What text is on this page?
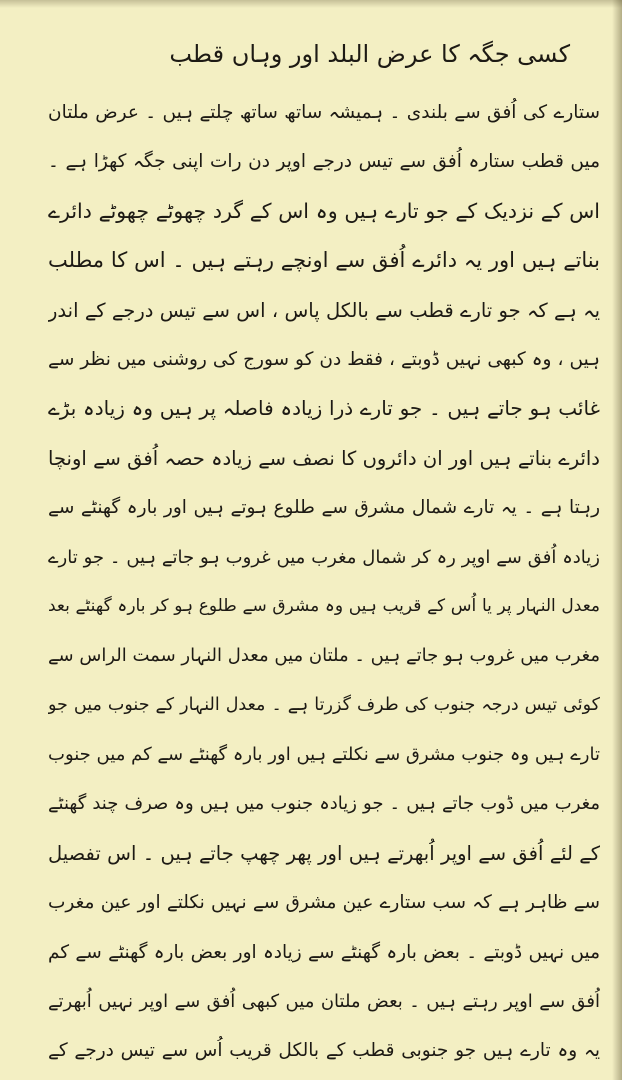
کسی جگہ کا عرض البلد اور وہاں قطب
ستارے کی اُفق سے بلندی ۔ ہمیشہ ساتھ ساتھ چلتے ہیں ۔ عرض ملتان
میں قطب ستارہ اُفق سے تیس درجے اوپر دن رات اپنی جگہ کھڑا ہے ۔
اس کے نزدیک کے جو تارے ہیں وہ اس کے گرد چھوٹے چھوٹے دائرے
بناتے ہیں اور یہ دائرے اُفق سے اونچے رہتے ہیں ۔ اس کا مطلب
یہ ہے کہ جو تارے قطب سے بالکل پاس ، اس سے تیس درجے کے اندر
ہیں ، وہ کبھی نہیں ڈوبتے ، فقط دن کو سورج کی روشنی میں نظر سے
غائب ہو جاتے ہیں ۔ جو تارے ذرا زیادہ فاصلہ پر ہیں وہ زیادہ بڑے
دائرے بناتے ہیں اور ان دائروں کا نصف سے زیادہ حصہ اُفق سے اونچا
رہتا ہے ۔ یہ تارے شمال مشرق سے طلوع ہوتے ہیں اور بارہ گھنٹے سے
زیادہ اُفق سے اوپر رہ کر شمال مغرب میں غروب ہو جاتے ہیں ۔ جو تارے
معدل النہار پر یا اُس کے قریب ہیں وہ مشرق سے طلوع ہو کر بارہ گھنٹے بعد
مغرب میں غروب ہو جاتے ہیں ۔ ملتان میں معدل النہار سمت الراس سے
کوئی تیس درجہ جنوب کی طرف گزرتا ہے ۔ معدل النہار کے جنوب میں جو
تارے ہیں وہ جنوب مشرق سے نکلتے ہیں اور بارہ گھنٹے سے کم میں جنوب
مغرب میں ڈوب جاتے ہیں ۔ جو زیادہ جنوب میں ہیں وہ صرف چند گھنٹے
کے لئے اُفق سے اوپر اُبھرتے ہیں اور پھر چھپ جاتے ہیں ۔ اس تفصیل
سے ظاہر ہے کہ سب ستارے عین مشرق سے نہیں نکلتے اور عین مغرب
میں نہیں ڈوبتے ۔ بعض بارہ گھنٹے سے زیادہ اور بعض بارہ گھنٹے سے کم
اُفق سے اوپر رہتے ہیں ۔ بعض ملتان میں کبھی اُفق سے اوپر نہیں اُبھرتے
یہ وہ تارے ہیں جو جنوبی قطب کے بالکل قریب اُس سے تیس درجے کے
